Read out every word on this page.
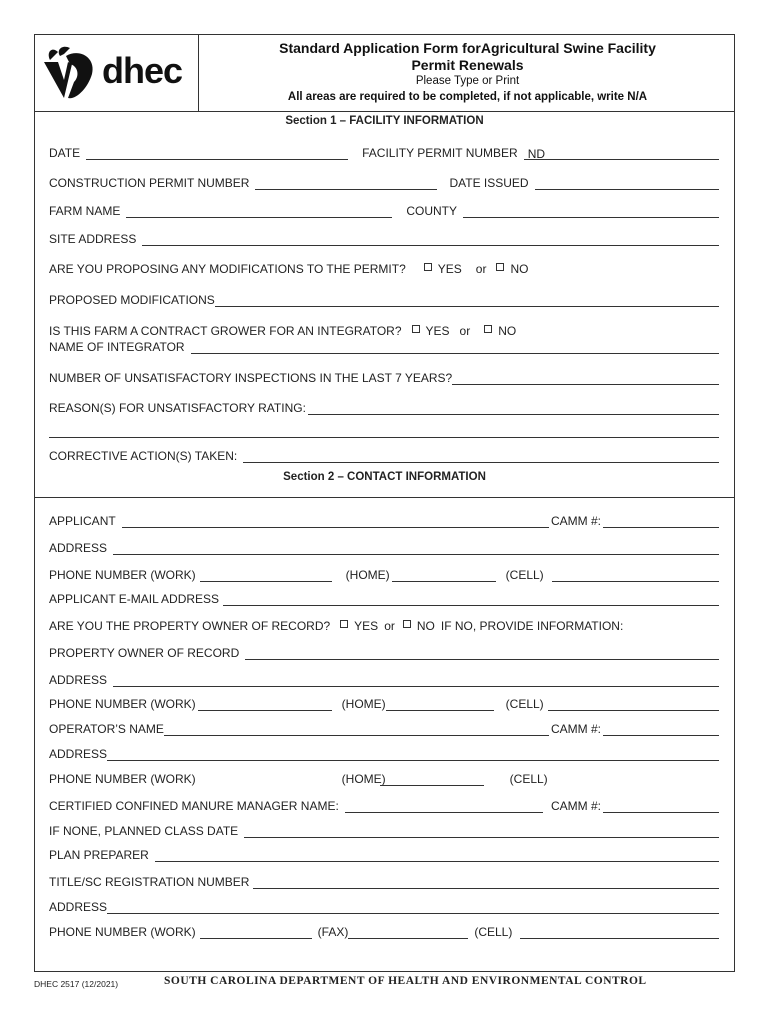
dhec
Standard Application Form forAgricultural Swine Facility
Permit Renewals
Please Type or Print
All areas are required to be completed, if not applicable, write N/A
Section 1 – FACILITY INFORMATION
DATE	FACILITY PERMIT NUMBER ND
CONSTRUCTION PERMIT NUMBER	DATE ISSUED
FARM NAME	COUNTY
SITE ADDRESS
ARE YOU PROPOSING ANY MODIFICATIONS TO THE PERMIT?	YES or	NO
PROPOSED MODIFICATIONS
IS THIS FARM A CONTRACT GROWER FOR AN INTEGRATOR?	YES or	NO
NAME OF INTEGRATOR
NUMBER OF UNSATISFACTORY INSPECTIONS IN THE LAST 7 YEARS?
REASON(S) FOR UNSATISFACTORY RATING:
CORRECTIVE ACTION(S) TAKEN:
Section 2 – CONTACT INFORMATION
APPLICANT	CAMM #:
ADDRESS
PHONE NUMBER (WORK)	(HOME)	(CELL)
APPLICANT E-MAIL ADDRESS
ARE YOU THE PROPERTY OWNER OF RECORD?	YES or	NO IF NO, PROVIDE INFORMATION:
PROPERTY OWNER OF RECORD
ADDRESS
PHONE NUMBER (WORK)	(HOME)	(CELL)
OPERATOR’S NAME	CAMM #:
ADDRESS
PHONE NUMBER (WORK)	(HOME)	(CELL)
CERTIFIED CONFINED MANURE MANAGER NAME:	CAMM #:
IF NONE, PLANNED CLASS DATE
PLAN PREPARER
TITLE/SC REGISTRATION NUMBER
ADDRESS
PHONE NUMBER (WORK)	(FAX)	(CELL)
DHEC 2517 (12/2021)	SOUTH CAROLINA DEPARTMENT OF HEALTH AND ENVIRONMENTAL CONTROL
